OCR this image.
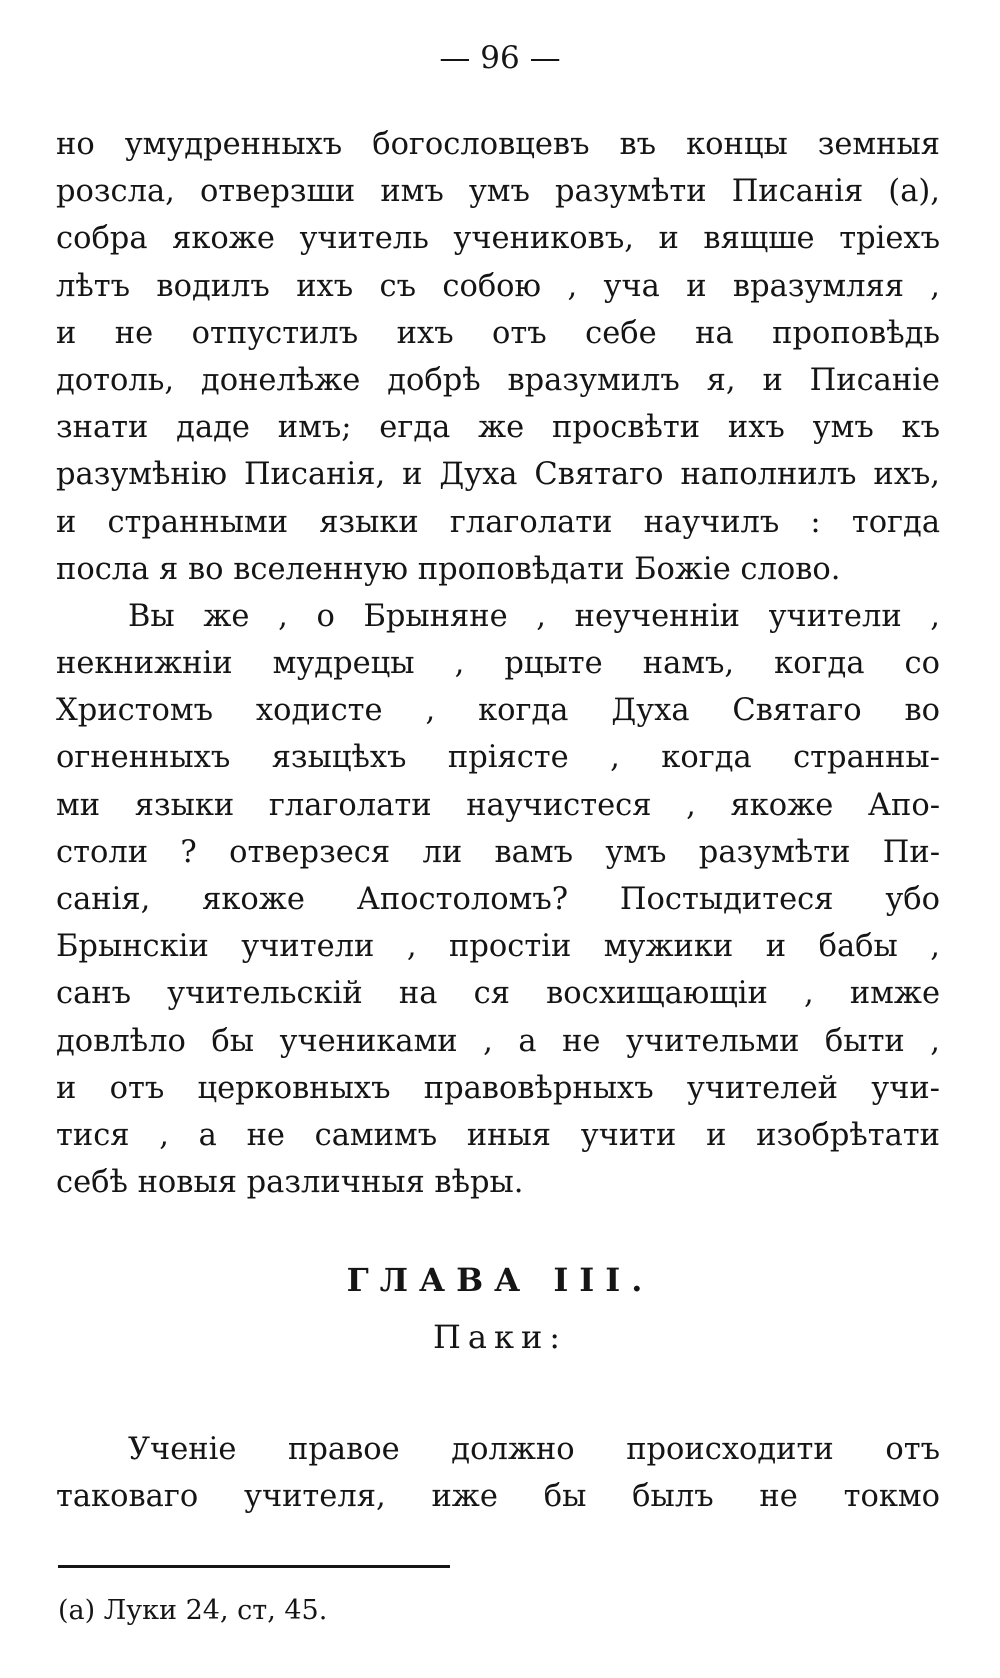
— 96 —
но умудренныхъ богословцевъ въ концы земныя
розсла, отверзши имъ умъ разумѣти Писанія (а),
собра якоже учитель учениковъ, и вящше тріехъ
лѣтъ водилъ ихъ съ собою , уча и вразумляя ,
и не отпустилъ ихъ отъ себе на проповѣдь
дотоль, донелѣже добрѣ вразумилъ я, и Писаніе
знати даде имъ; егда же просвѣти ихъ умъ къ
разумѣнію Писанія, и Духа Святаго наполнилъ ихъ,
и странными языки глаголати научилъ : тогда
посла я во вселенную проповѣдати Божіе слово.
Вы же , о Брыняне , неученніи учители ,
некнижніи мудрецы , рцыте намъ, когда со
Христомъ ходисте , когда Духа Святаго во
огненныхъ языцѣхъ пріясте , когда странны-
ми языки глаголати научистеся , якоже Апо-
столи ? отверзеся ли вамъ умъ разумѣти Пи-
санія, якоже Апостоломъ? Постыдитеся убо
Брынскіи учители , простіи мужики и бабы ,
санъ учительскій на ся восхищающіи , имже
довлѣло бы учениками , а не учительми быти ,
и отъ церковныхъ правовѣрныхъ учителей учи-
тися , а не самимъ иныя учити и изобрѣтати
себѣ новыя различныя вѣры.
ГЛАВА III.
Паки:
Ученіе правое должно происходити отъ
таковаго учителя, иже бы былъ не токмо
(а) Луки 24, ст, 45.
